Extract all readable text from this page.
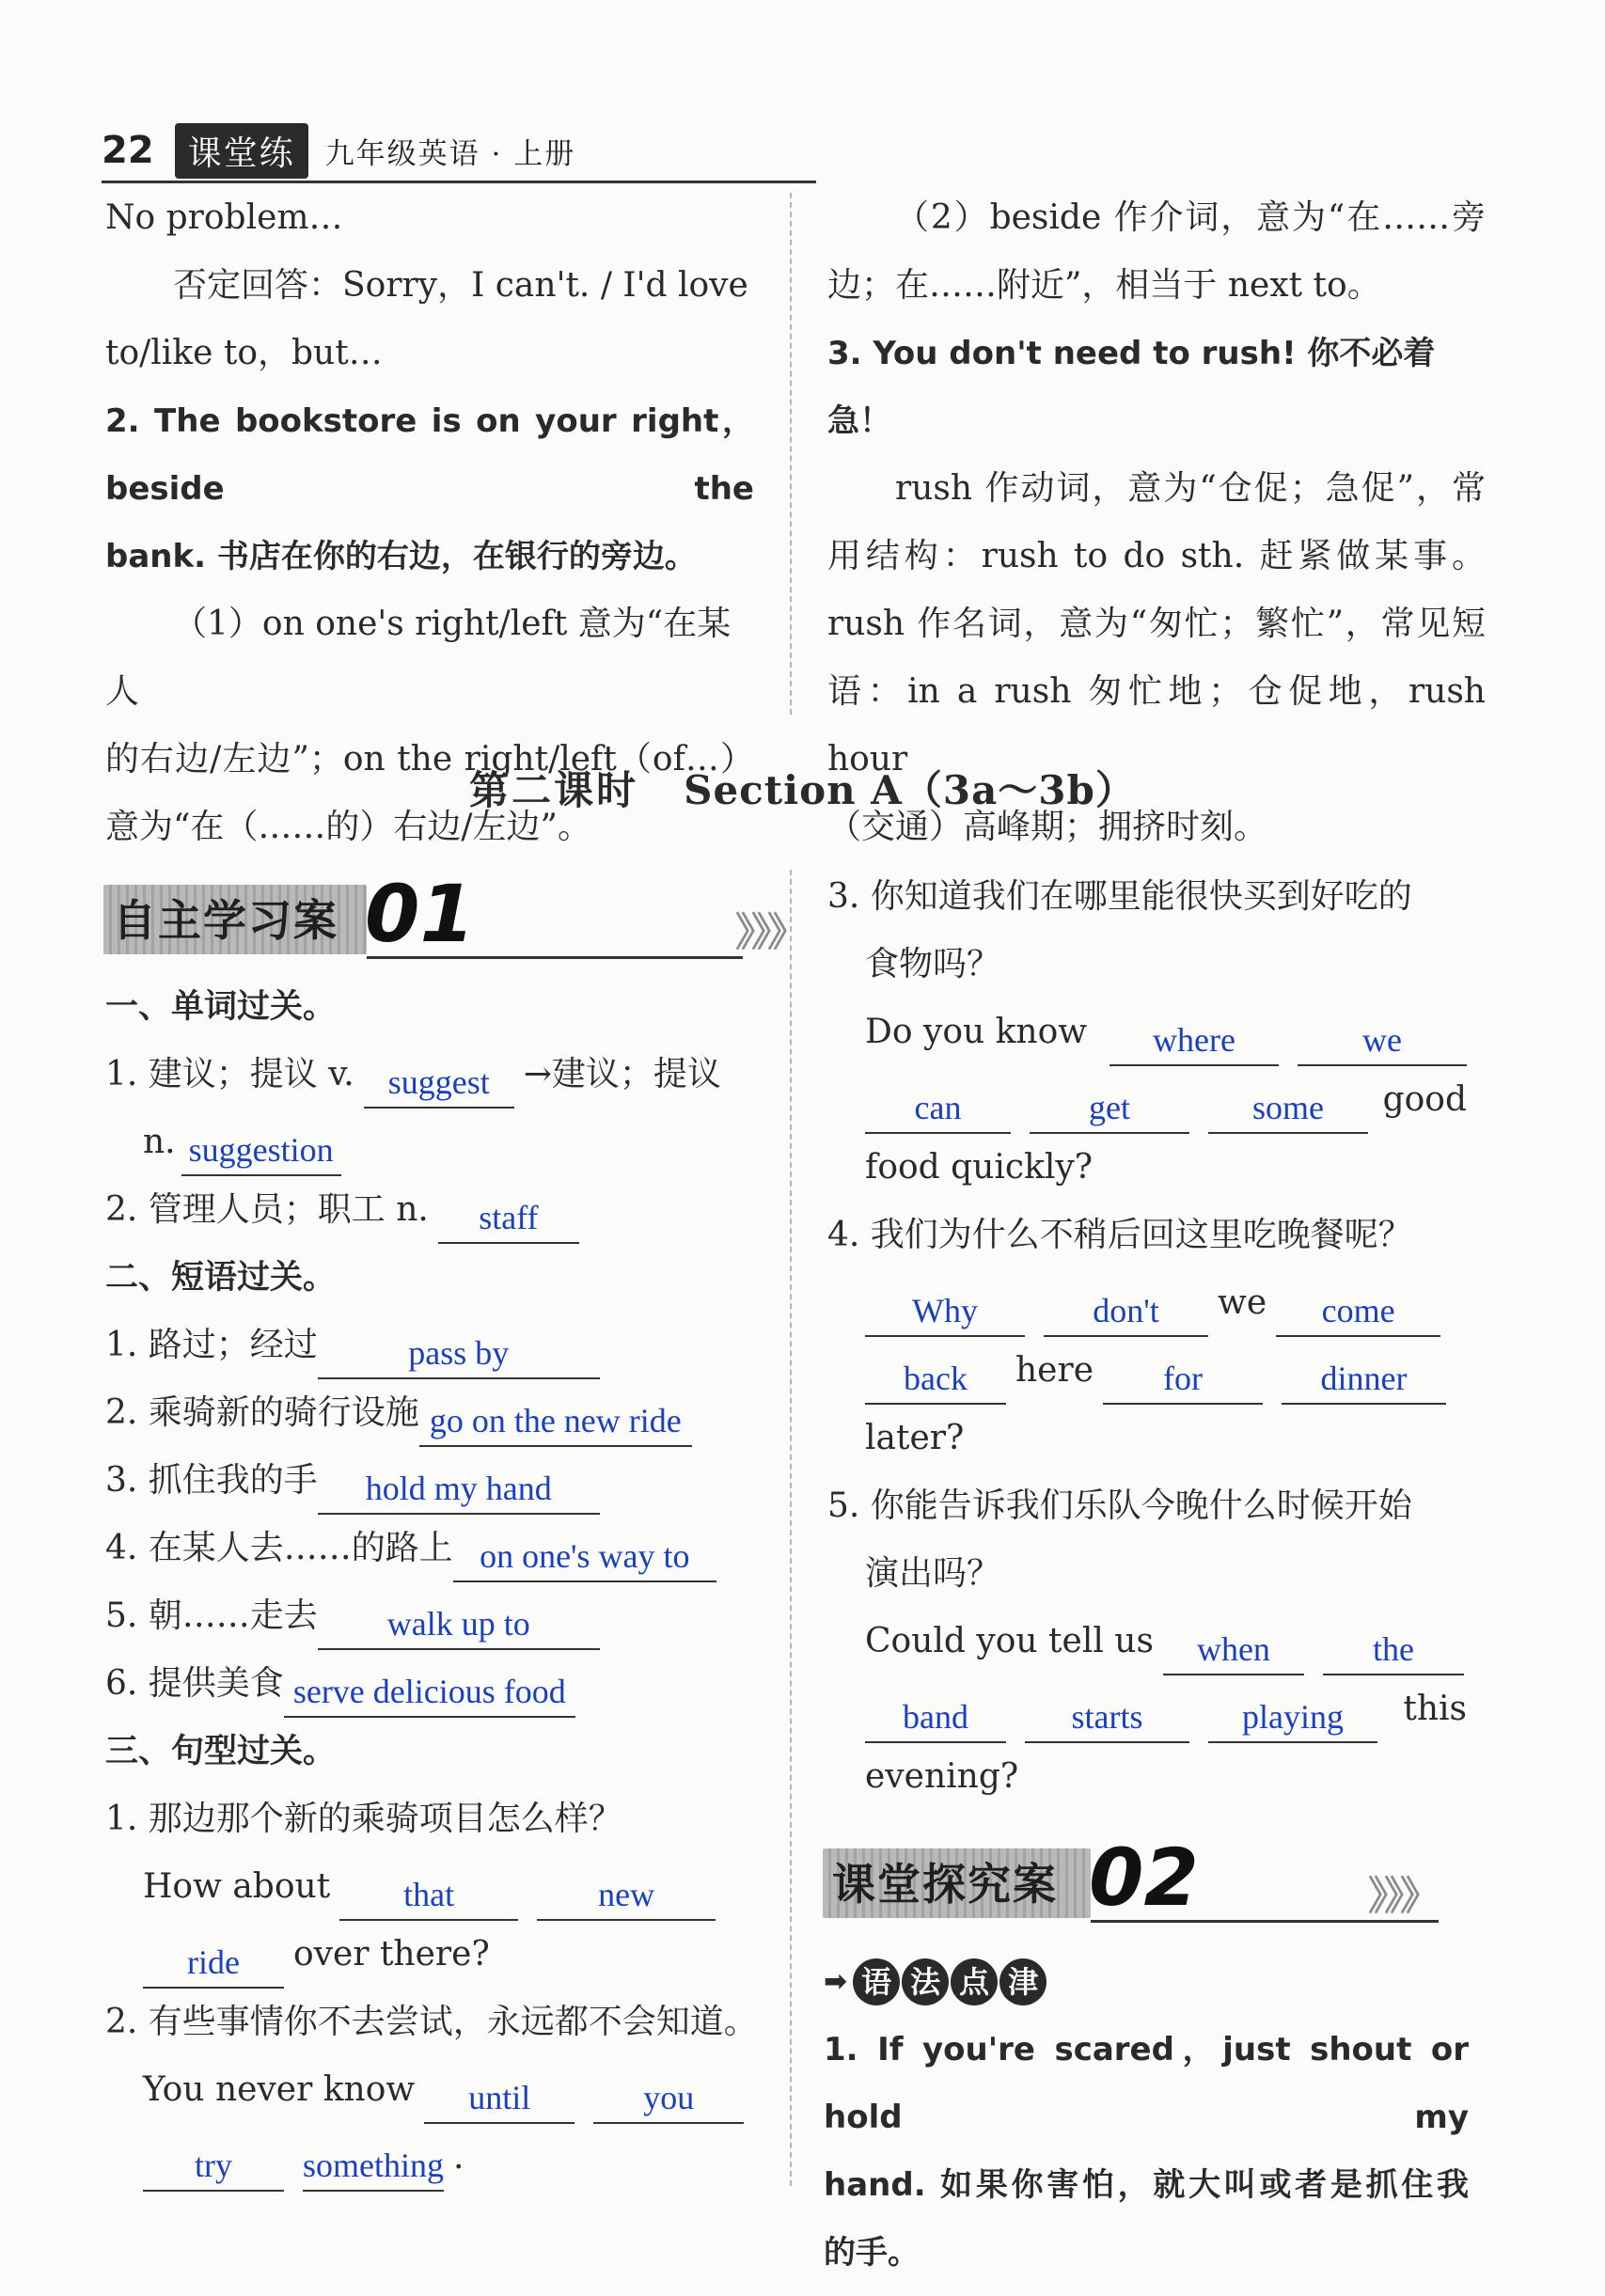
22	课堂练	九年级英语 · 上册

No problem…

否定回答：Sorry，I can't. / I'd love

to/like to，but…

2. The bookstore is on your right，beside the

bank. 书店在你的右边，在银行的旁边。

（1）on one's right/left 意为“在某人

的右边/左边”；on the right/left（of…）

意为“在（……的）右边/左边”。

（2）beside 作介词，意为“在……旁

边；在……附近”，相当于 next to。

3. You don't need to rush! 你不必着急！

rush 作动词，意为“仓促；急促”，常

用结构：rush to do sth. 赶紧做某事。

rush 作名词，意为“匆忙；繁忙”，常见短

语：in a rush 匆忙地；仓促地，rush hour

（交通）高峰期；拥挤时刻。

第二课时 Section A（3a～3b）
自主学习案 01	》》》
一、单词过关。
1. 建议；提议 v.	suggest	→建议；提议
n. suggestion
2. 管理人员；职工 n.	staff
二、短语过关。
1. 路过；经过	pass by
2. 乘骑新的骑行设施 go on the new ride
3. 抓住我的手	hold my hand
4. 在某人去……的路上 on one's way to
5. 朝……走去	walk up to
6. 提供美食 serve delicious food
三、句型过关。
1. 那边那个新的乘骑项目怎么样？
How about	that	new
ride	over there?
2. 有些事情你不去尝试，永远都不会知道。
You never know	until	you
try	something .
3. 你知道我们在哪里能很快买到好吃的
食物吗？
Do you know	where	we
can	get	some	good
food quickly?
4. 我们为什么不稍后回这里吃晚餐呢？
Why	don't	we	come
back	here	for	dinner
later?
5. 你能告诉我们乐队今晚什么时候开始
演出吗？
Could you tell us	when	the
band	starts	playing	this
evening?
课堂探究案 02	》》》
➡ 语 法 点 津

1. If you're scared，just shout or hold my

hand. 如果你害怕，就大叫或者是抓住我

的手。
